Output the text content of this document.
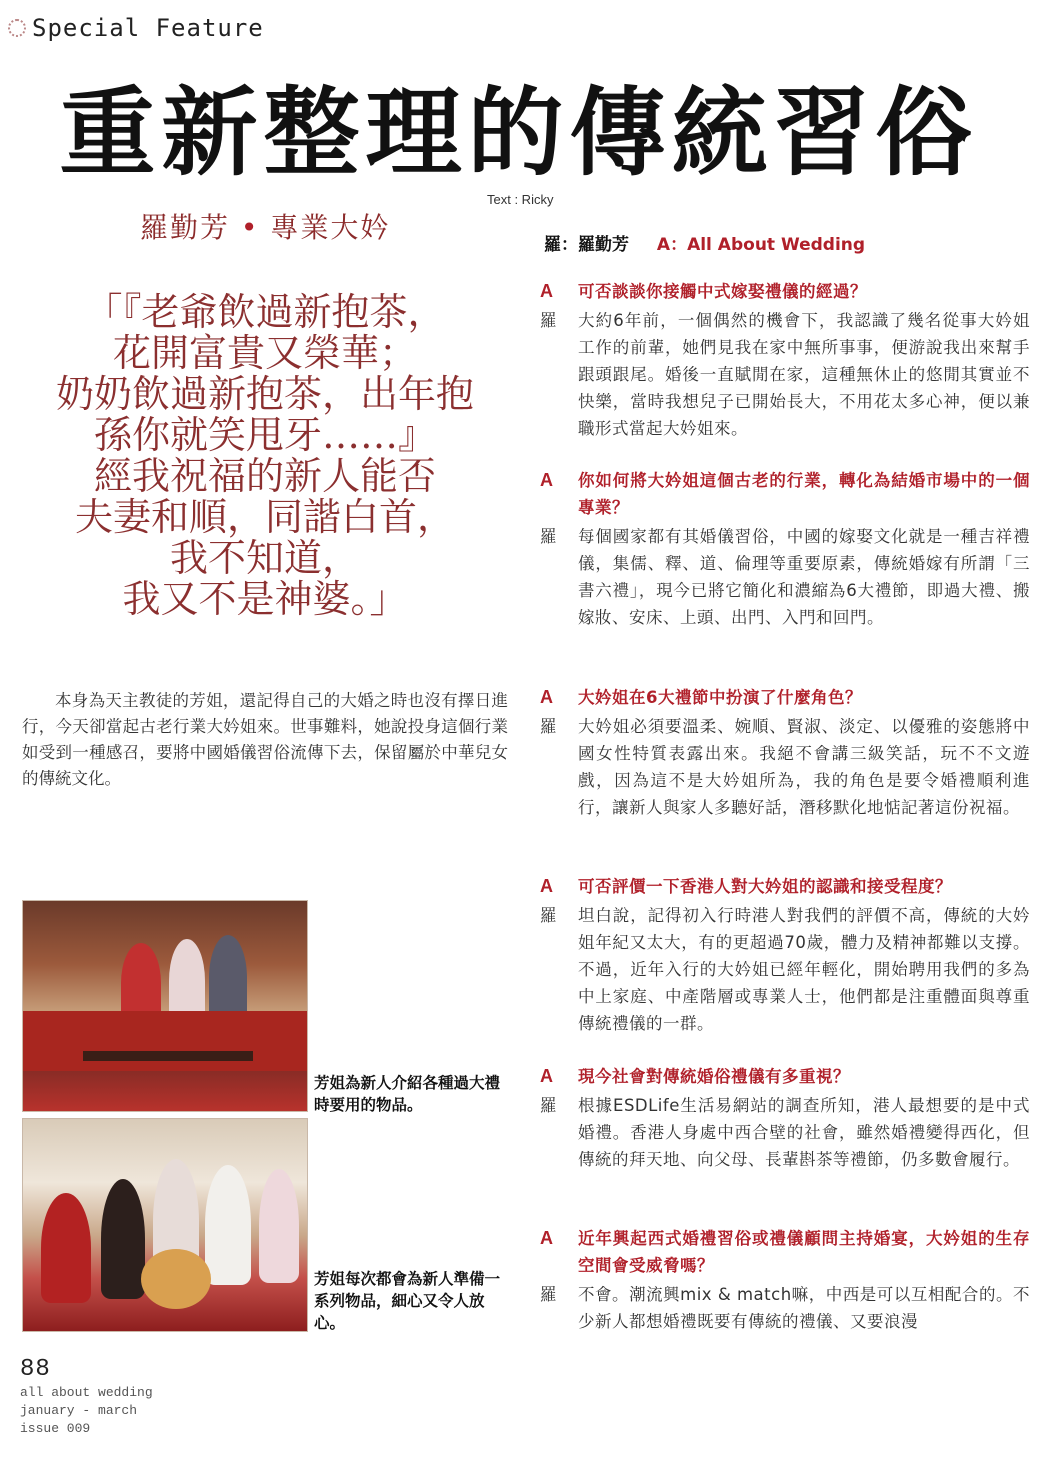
Special Feature
重新整理的傳統習俗
Text : Ricky
羅勤芳 • 專業大妗
「『老爺飲過新抱茶，
花開富貴又榮華；
奶奶飲過新抱茶，出年抱
孫你就笑甩牙……』
經我祝福的新人能否
夫妻和順，同諧白首，
我不知道，
我又不是神婆。」
本身為天主教徒的芳姐，還記得自己的大婚之時也沒有擇日進行，今天卻當起古老行業大妗姐來。世事難料，她說投身這個行業如受到一種感召，要將中國婚儀習俗流傳下去，保留屬於中華兒女的傳統文化。
芳姐為新人介紹各種過大禮時要用的物品。
芳姐每次都會為新人準備一系列物品，細心又令人放心。
羅：羅勤芳 A：All About Wedding
A	可否談談你接觸中式嫁娶禮儀的經過？
羅	大約6年前，一個偶然的機會下，我認識了幾名從事大妗姐工作的前輩，她們見我在家中無所事事，便游說我出來幫手跟頭跟尾。婚後一直賦閒在家，這種無休止的悠閒其實並不快樂，當時我想兒子已開始長大，不用花太多心神，便以兼職形式當起大妗姐來。
A	你如何將大妗姐這個古老的行業，轉化為結婚市場中的一個專業？
羅	每個國家都有其婚儀習俗，中國的嫁娶文化就是一種吉祥禮儀，集儒、釋、道、倫理等重要原素，傳統婚嫁有所謂「三書六禮」，現今已將它簡化和濃縮為6大禮節，即過大禮、搬嫁妝、安床、上頭、出門、入門和回門。
A	大妗姐在6大禮節中扮演了什麼角色？
羅	大妗姐必須要溫柔、婉順、賢淑、淡定、以優雅的姿態將中國女性特質表露出來。我絕不會講三級笑話，玩不不文遊戲，因為這不是大妗姐所為，我的角色是要令婚禮順利進行，讓新人與家人多聽好話，潛移默化地惦記著這份祝福。
A	可否評價一下香港人對大妗姐的認識和接受程度？
羅	坦白說，記得初入行時港人對我們的評價不高，傳統的大妗姐年紀又太大，有的更超過70歲，體力及精神都難以支撐。不過，近年入行的大妗姐已經年輕化，開始聘用我們的多為中上家庭、中產階層或專業人士，他們都是注重體面與尊重傳統禮儀的一群。
A	現今社會對傳統婚俗禮儀有多重視？
羅	根據ESDLife生活易網站的調查所知，港人最想要的是中式婚禮。香港人身處中西合壁的社會，雖然婚禮變得西化，但傳統的拜天地、向父母、長輩斟茶等禮節，仍多數會履行。
A	近年興起西式婚禮習俗或禮儀顧問主持婚宴，大妗姐的生存空間會受威脅嗎？
羅	不會。潮流興mix & match嘛，中西是可以互相配合的。不少新人都想婚禮既要有傳統的禮儀、又要浪漫
88
all about wedding
january - march
issue 009
